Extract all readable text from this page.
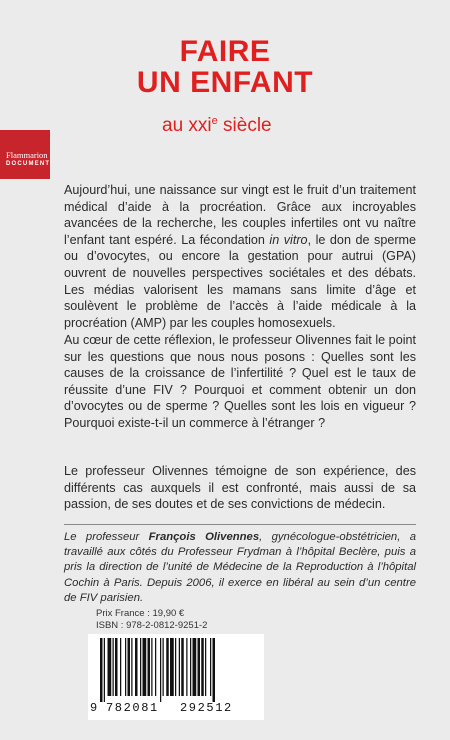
FAIRE
UN ENFANT
au xxi$^e$ siècle
Flammarion
DOCUMENT
Aujourd’hui, une naissance sur vingt est le fruit d’un traitement médical d’aide à la procréation. Grâce aux incroyables avancées de la recherche, les couples infertiles ont vu naître l’enfant tant espéré. La fécondation in vitro, le don de sperme ou d’ovocytes, ou encore la gestation pour autrui (GPA) ouvrent de nouvelles perspectives sociétales et des débats. Les médias valorisent les mamans sans limite d’âge et soulèvent le problème de l’accès à l’aide médicale à la procréation (AMP) par les couples homosexuels.
Au cœur de cette réflexion, le professeur Olivennes fait le point sur les questions que nous nous posons : Quelles sont les causes de la croissance de l’infertilité ? Quel est le taux de réussite d’une FIV ? Pourquoi et comment obtenir un don d’ovocytes ou de sperme ? Quelles sont les lois en vigueur ? Pourquoi existe-t-il un commerce à l’étranger ?
Le professeur Olivennes témoigne de son expérience, des différents cas auxquels il est confronté, mais aussi de sa passion, de ses doutes et de ses convictions de médecin.
Le professeur François Olivennes, gynécologue-obstétricien, a travaillé aux côtés du Professeur Frydman à l’hôpital Beclère, puis a pris la direction de l’unité de Médecine de la Reproduction à l’hôpital Cochin à Paris. Depuis 2006, il exerce en libéral au sein d’un centre de FIV parisien.
Prix France : 19,90 €
ISBN : 978-2-0812-9251-2
9 782081 292512
